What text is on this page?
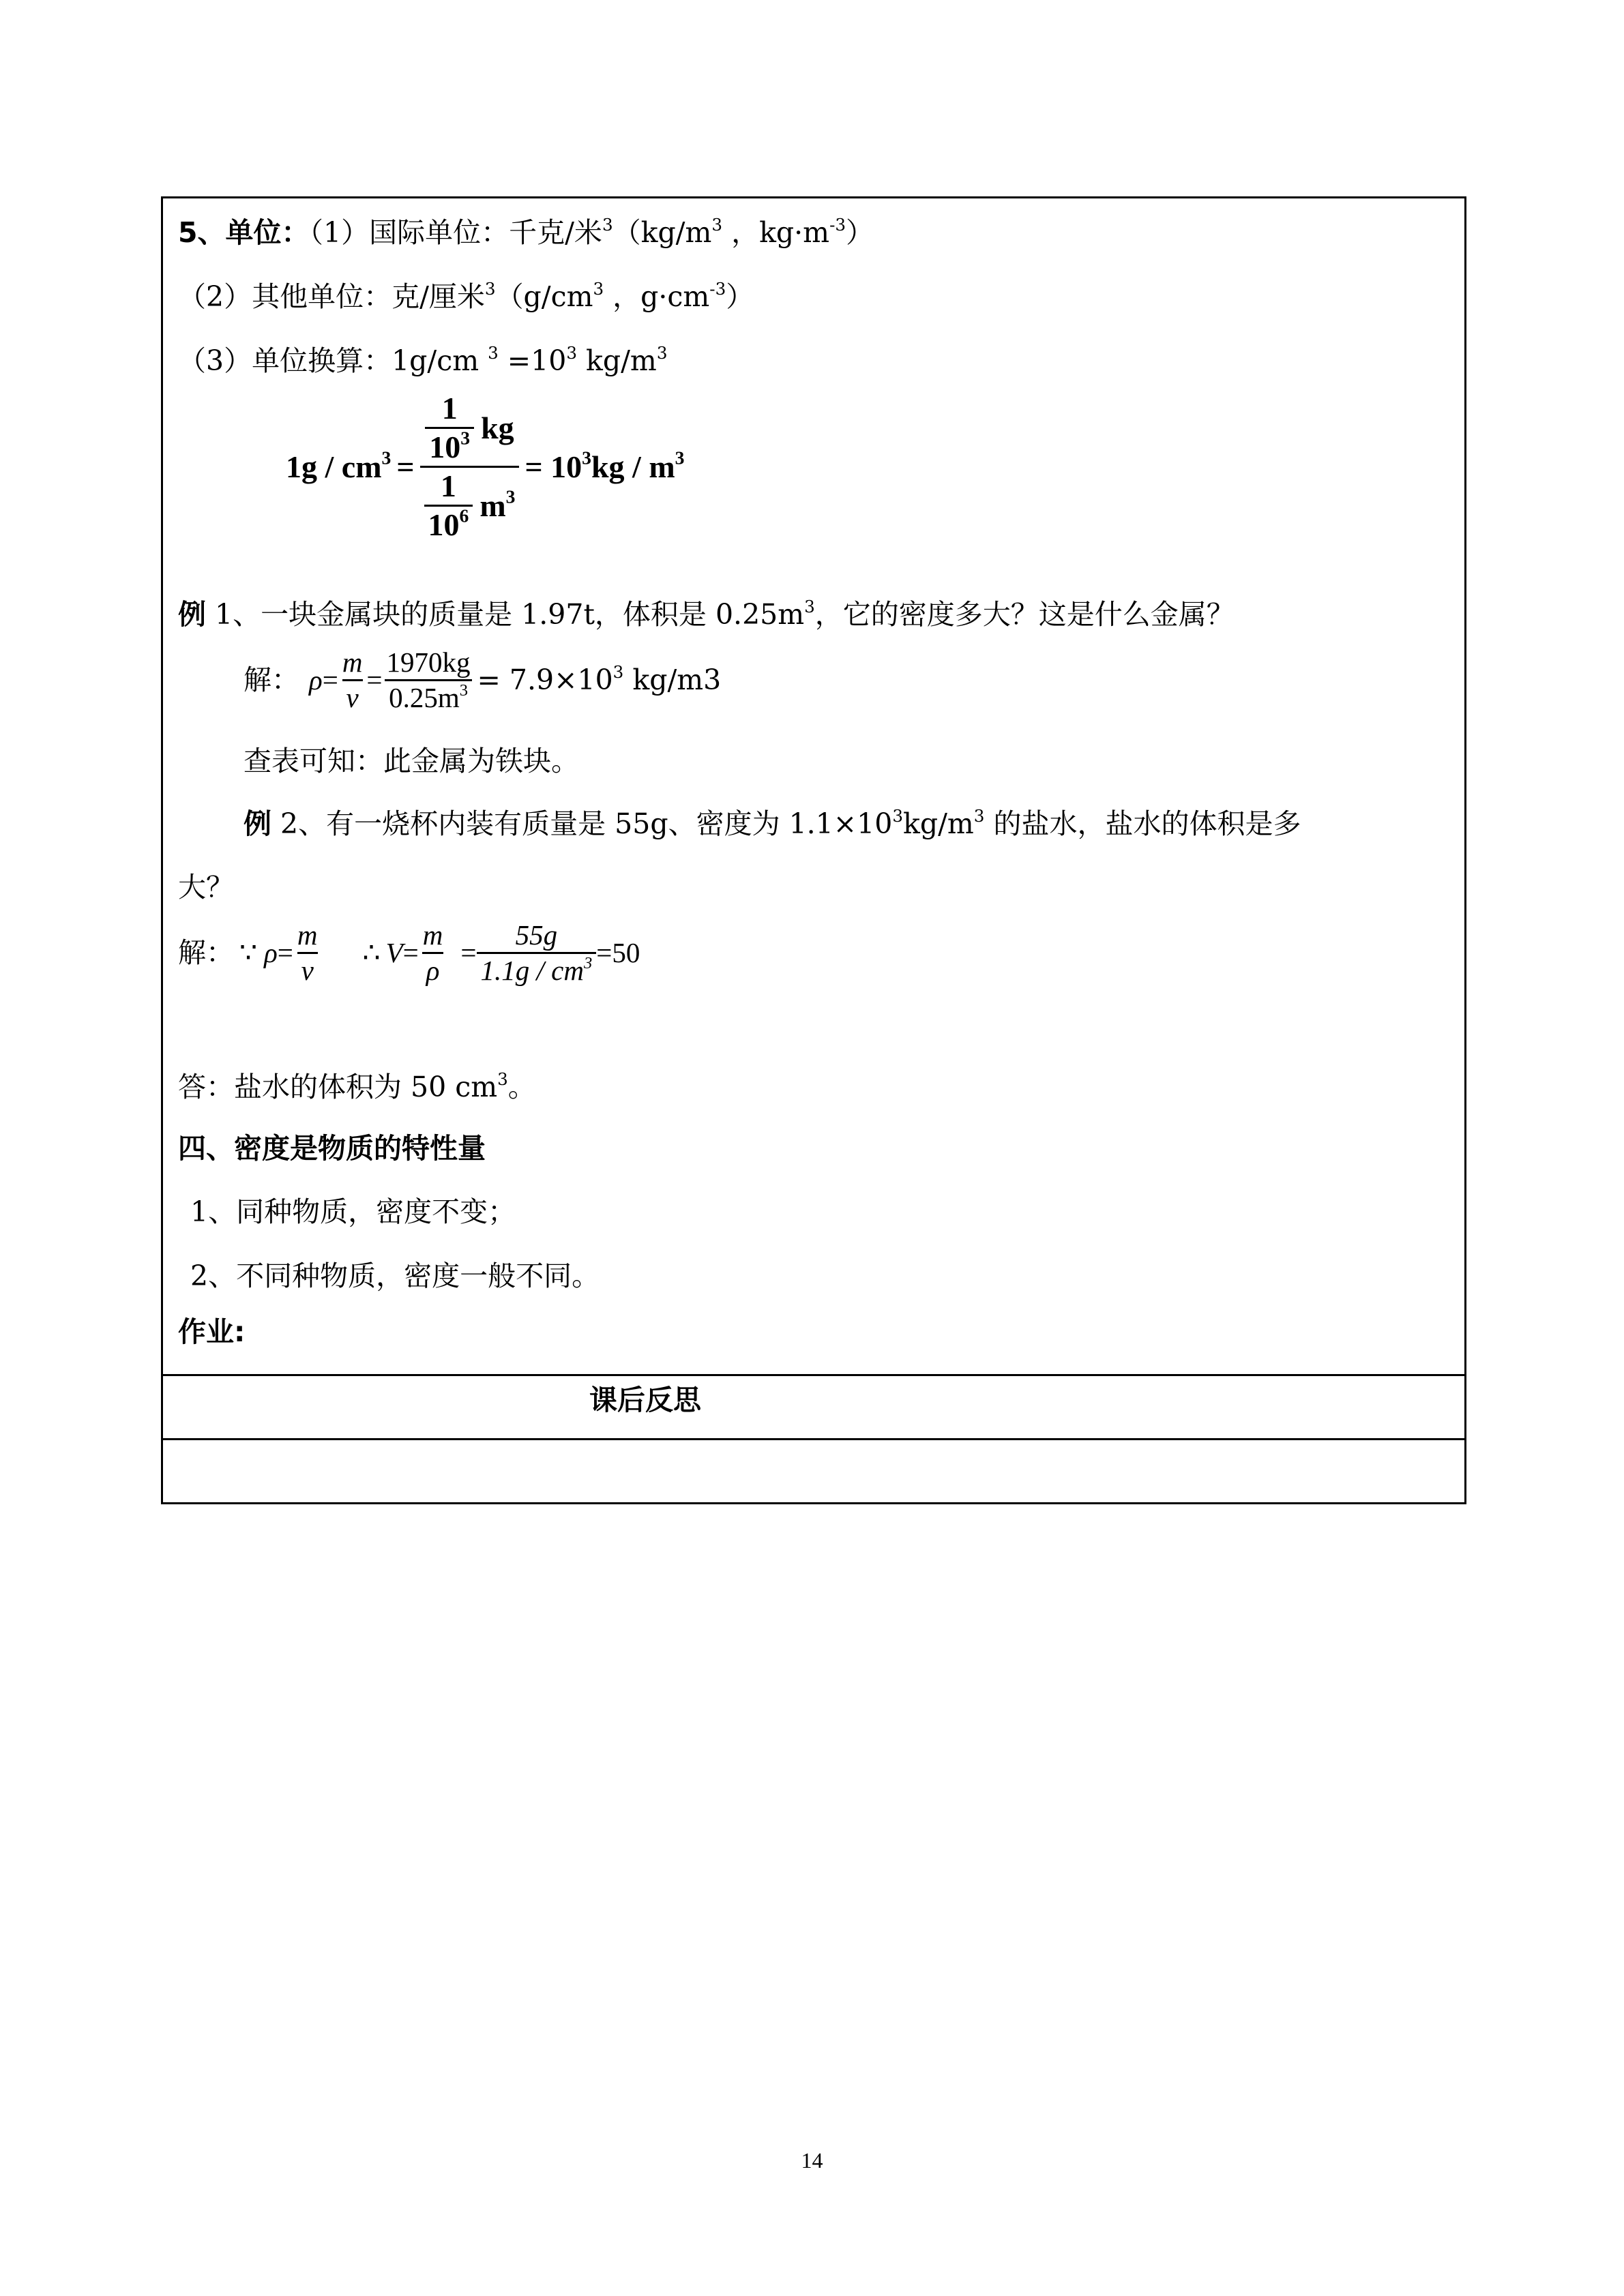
5、单位：（1）国际单位：千克/米$^3(kg/m^3$ ，$kg\cdot m^{-3}$）
（2）其他单位：克/厘米$^3(g/cm^3$ ，$g\cdot cm^{-3}$）
（3）单位换算：1g/cm $^3 =10^3$ $kg/m^3$
$1g / cm^3 = \frac{\frac{1}{10^3} kg}{\frac{1}{10^6} m^3} = 10^3kg / m^3$
例 1、一块金属块的质量是 1.97t，体积是 $0.25m^3$，它的密度多大？这是什么金属？
解： $\rho = \frac{m}{v} = \frac{1970kg}{0.25m^3} = 7.9\times 10^3$ kg/m3
查表可知：此金属为铁块。
例 2、有一烧杯内装有质量是 55g、密度为 $1.1\times 10^3kg/m^3$ 的盐水，盐水的体积是多
大？
解： ∵ $\rho = \frac{m}{v}$ ∴ $V = \frac{m}{\rho} = \frac{55g}{1.1g / cm^3} =50$
答：盐水的体积为 50 $cm^3$。
四、密度是物质的特性量
1、同种物质，密度不变；
2、不同种物质，密度一般不同。
作业:
课后反思
14
